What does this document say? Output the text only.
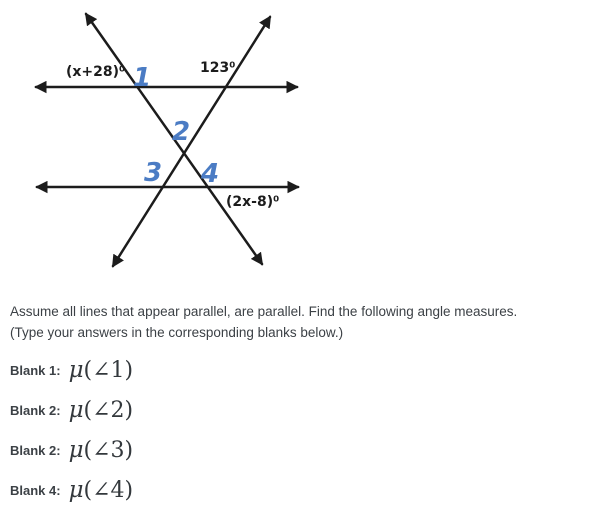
(x+28)⁰	123⁰
(2x-8)⁰
1
2
3 4

Assume all lines that appear parallel, are parallel. Find the following angle measures.
(Type your answers in the corresponding blanks below.)

Blank 1: μ(∠1)
Blank 2: μ(∠2)
Blank 2: μ(∠3)
Blank 4: μ(∠4)
